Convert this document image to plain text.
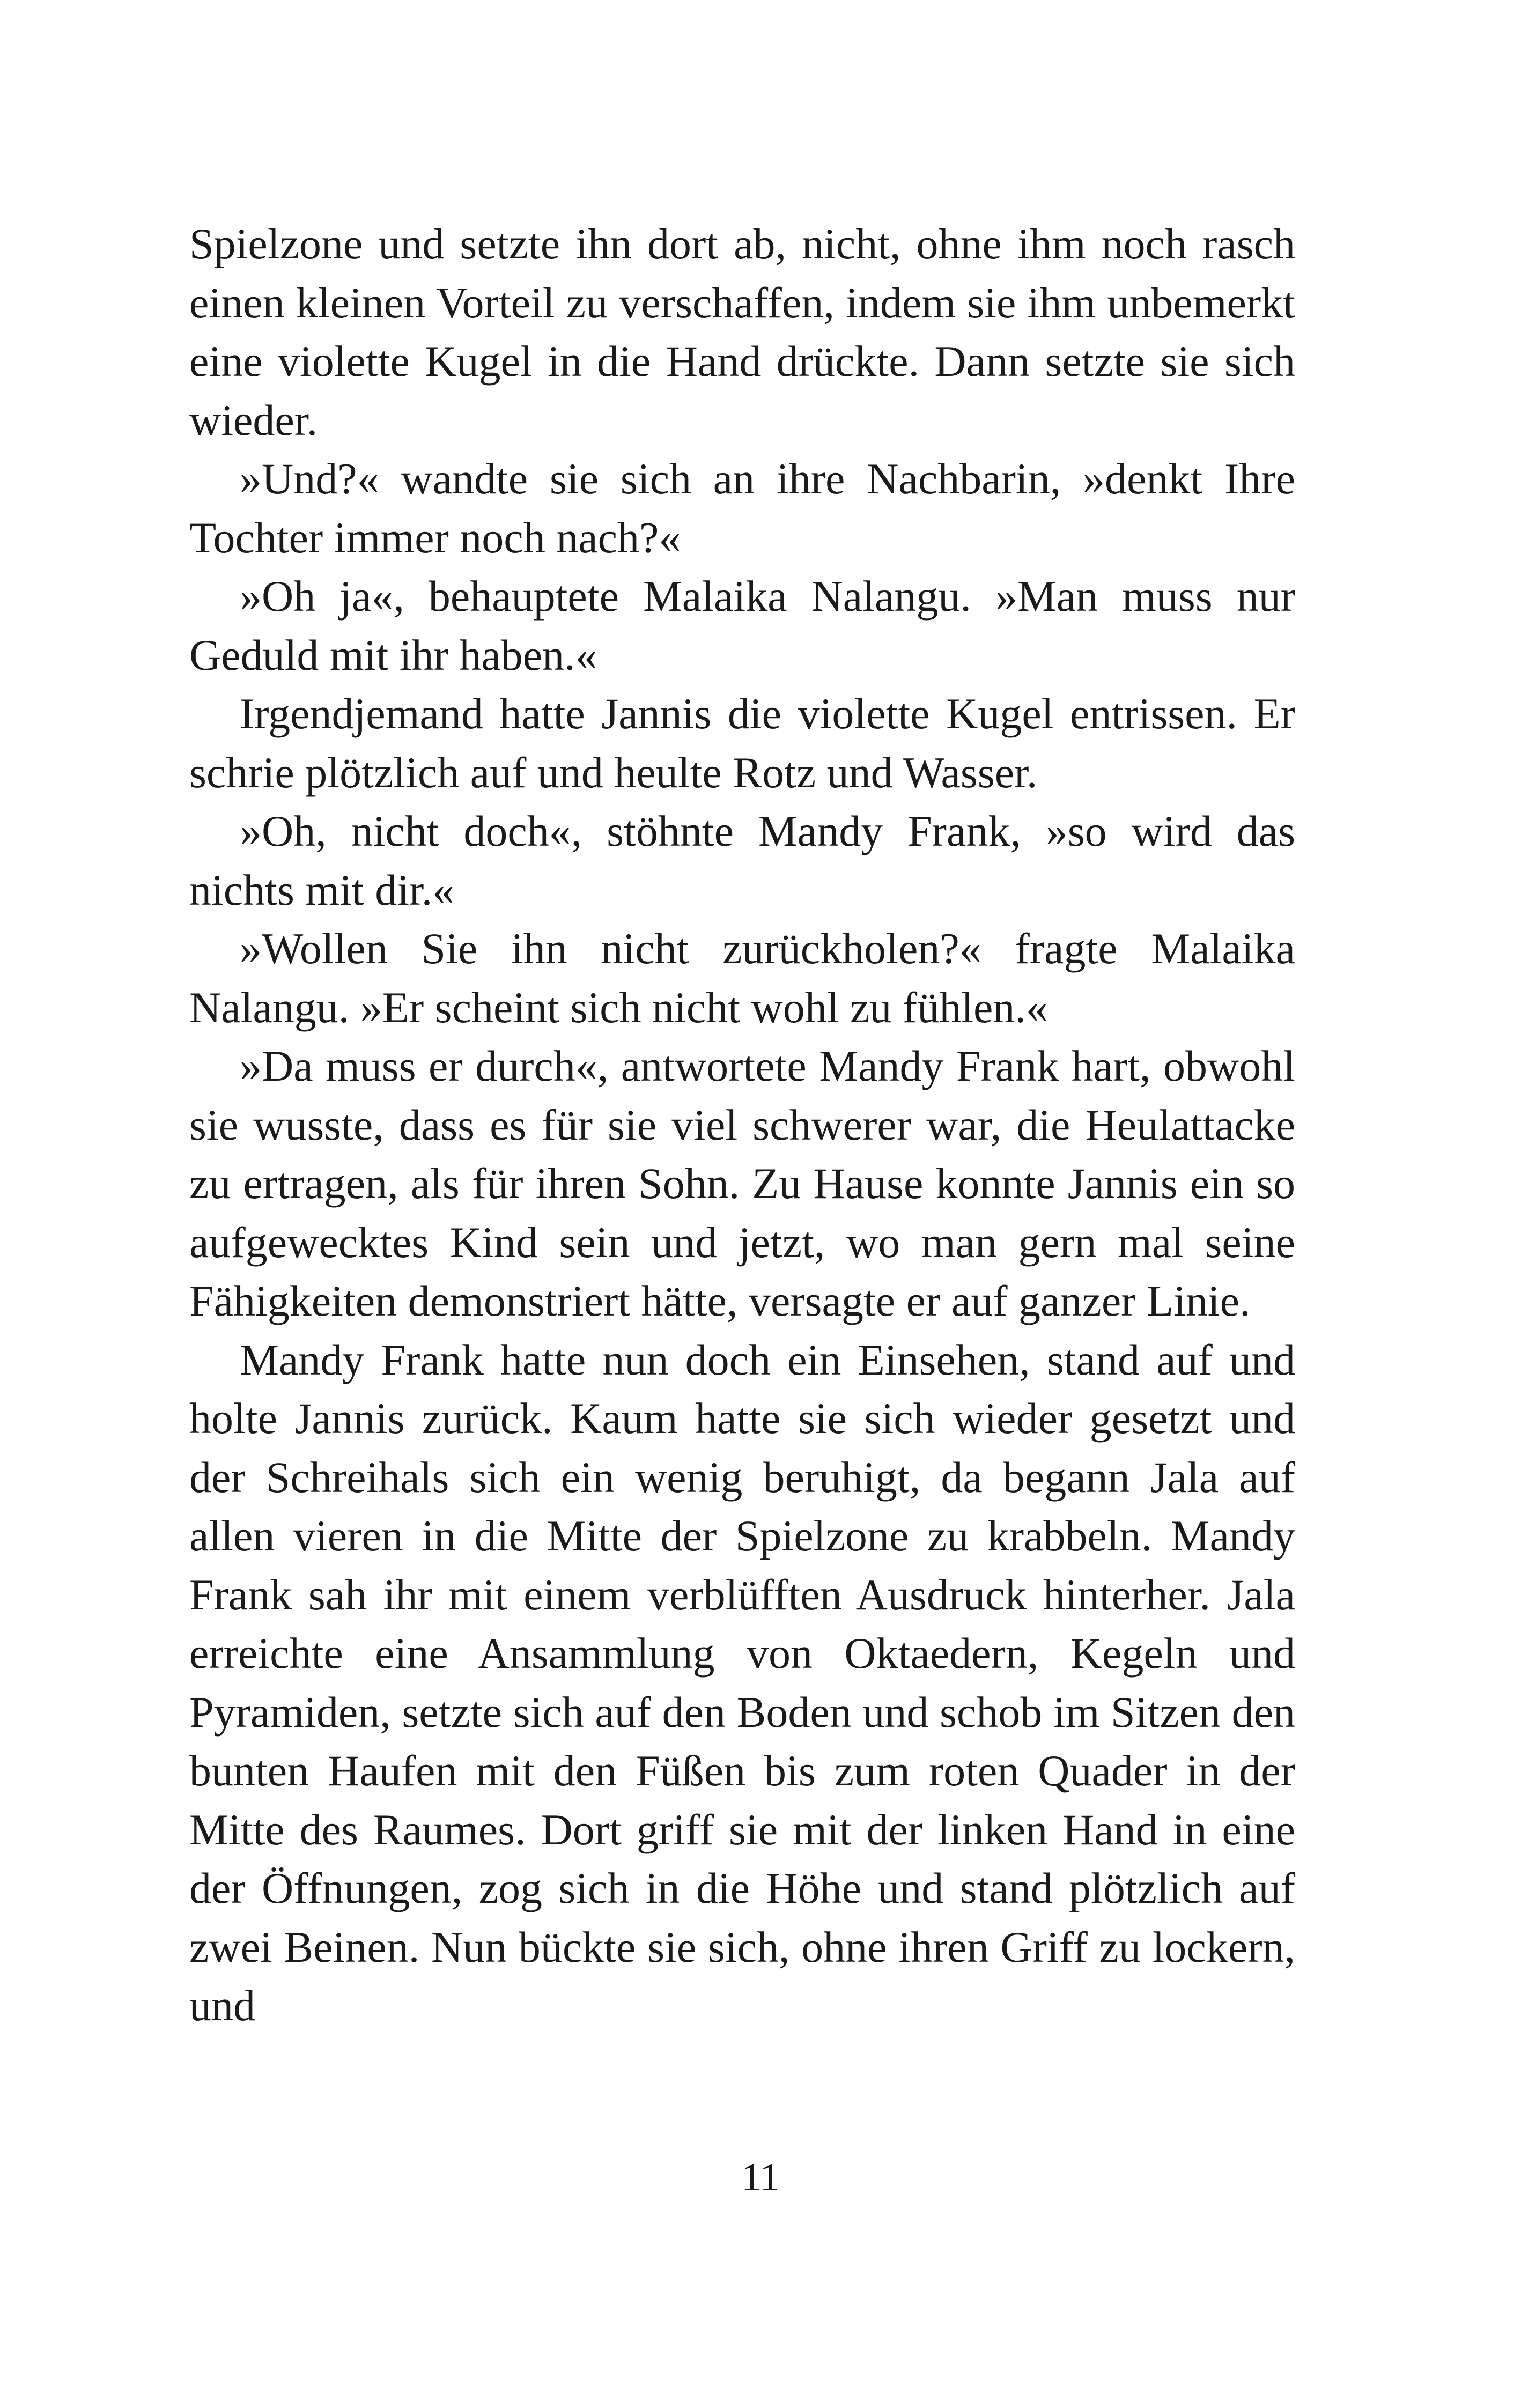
Spielzone und setzte ihn dort ab, nicht, ohne ihm noch rasch einen kleinen Vorteil zu verschaffen, indem sie ihm unbemerkt eine violette Kugel in die Hand drückte. Dann setzte sie sich wieder.

»Und?« wandte sie sich an ihre Nachbarin, »denkt Ihre Tochter immer noch nach?«

»Oh ja«, behauptete Malaika Nalangu. »Man muss nur Geduld mit ihr haben.«

Irgendjemand hatte Jannis die violette Kugel entrissen. Er schrie plötzlich auf und heulte Rotz und Wasser.

»Oh, nicht doch«, stöhnte Mandy Frank, »so wird das nichts mit dir.«

»Wollen Sie ihn nicht zurückholen?« fragte Malaika Nalangu. »Er scheint sich nicht wohl zu fühlen.«

»Da muss er durch«, antwortete Mandy Frank hart, obwohl sie wusste, dass es für sie viel schwerer war, die Heulattacke zu ertragen, als für ihren Sohn. Zu Hause konnte Jannis ein so aufgewecktes Kind sein und jetzt, wo man gern mal seine Fähigkeiten demonstriert hätte, versagte er auf ganzer Linie.

Mandy Frank hatte nun doch ein Einsehen, stand auf und holte Jannis zurück. Kaum hatte sie sich wieder gesetzt und der Schreihals sich ein wenig beruhigt, da begann Jala auf allen vieren in die Mitte der Spielzone zu krabbeln. Mandy Frank sah ihr mit einem verblüfften Ausdruck hinterher. Jala erreichte eine Ansammlung von Oktaedern, Kegeln und Pyramiden, setzte sich auf den Boden und schob im Sitzen den bunten Haufen mit den Füßen bis zum roten Quader in der Mitte des Raumes. Dort griff sie mit der linken Hand in eine der Öffnungen, zog sich in die Höhe und stand plötzlich auf zwei Beinen. Nun bückte sie sich, ohne ihren Griff zu lockern, und

11
